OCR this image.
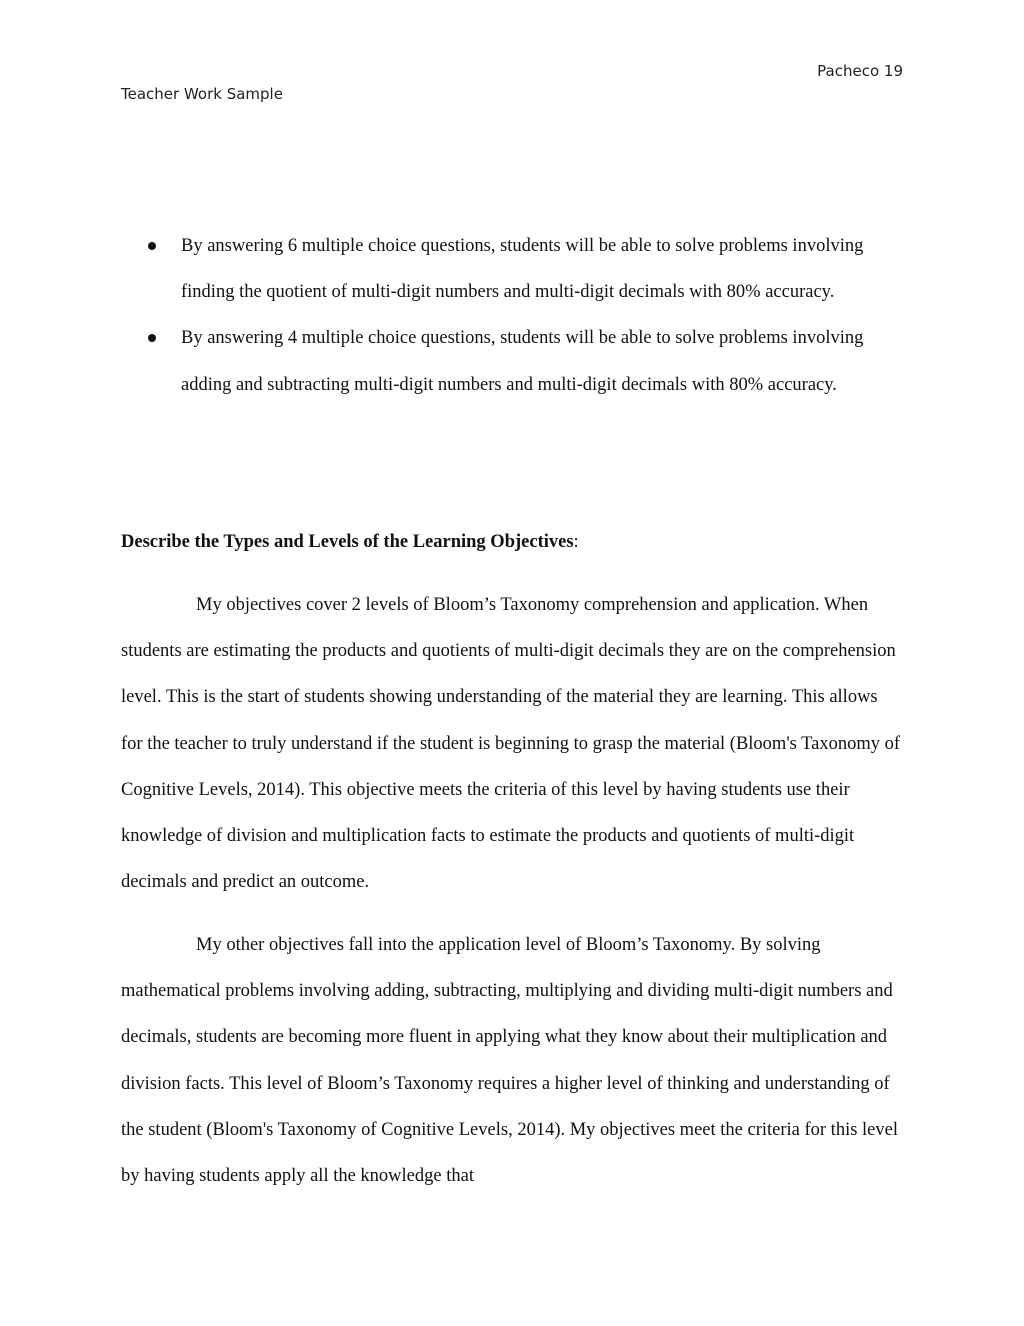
Pacheco 19
Teacher Work Sample
By answering 6 multiple choice questions, students will be able to solve problems involving finding the quotient of multi-digit numbers and multi-digit decimals with 80% accuracy.
By answering 4 multiple choice questions, students will be able to solve problems involving adding and subtracting multi-digit numbers and multi-digit decimals with 80% accuracy.

Describe the Types and Levels of the Learning Objectives:

My objectives cover 2 levels of Bloom’s Taxonomy comprehension and application. When students are estimating the products and quotients of multi-digit decimals they are on the comprehension level. This is the start of students showing understanding of the material they are learning. This allows for the teacher to truly understand if the student is beginning to grasp the material (Bloom's Taxonomy of Cognitive Levels, 2014). This objective meets the criteria of this level by having students use their knowledge of division and multiplication facts to estimate the products and quotients of multi-digit decimals and predict an outcome.

My other objectives fall into the application level of Bloom’s Taxonomy. By solving mathematical problems involving adding, subtracting, multiplying and dividing multi-digit numbers and decimals, students are becoming more fluent in applying what they know about their multiplication and division facts. This level of Bloom’s Taxonomy requires a higher level of thinking and understanding of the student (Bloom's Taxonomy of Cognitive Levels, 2014). My objectives meet the criteria for this level by having students apply all the knowledge that
